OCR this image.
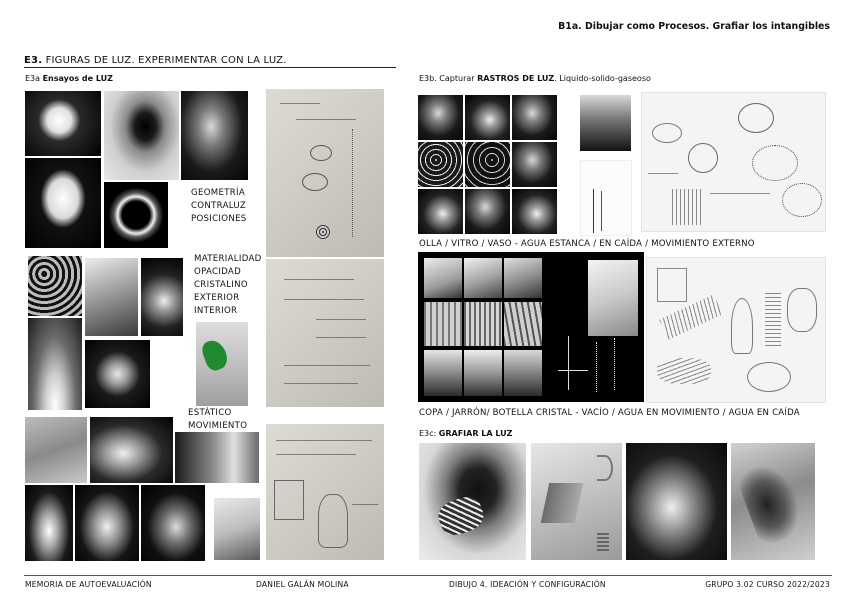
B1a. Dibujar como Procesos. Grafiar los intangibles
E3. FIGURAS DE LUZ. EXPERIMENTAR CON LA LUZ.
E3a Ensayos de LUZ
GEOMETRÍA
CONTRALUZ
POSICIONES
MATERIALIDAD
OPACIDAD
CRISTALINO
EXTERIOR
INTERIOR
ESTÁTICO
MOVIMIENTO
E3b. Capturar RASTROS DE LUZ. Liquido-solido-gaseoso
OLLA / VITRO / VASO - AGUA ESTANCA / EN CAÍDA / MOVIMIENTO EXTERNO
COPA / JARRÓN/ BOTELLA CRISTAL - VACÍO / AGUA EN MOVIMIENTO / AGUA EN CAÍDA
E3c: GRAFIAR LA LUZ
MEMORIA DE AUTOEVALUACIÓN	DANIEL GALÁN MOLINA	DIBUJO 4. IDEACIÓN Y CONFIGURACIÓN	GRUPO 3.02 CURSO 2022/2023
